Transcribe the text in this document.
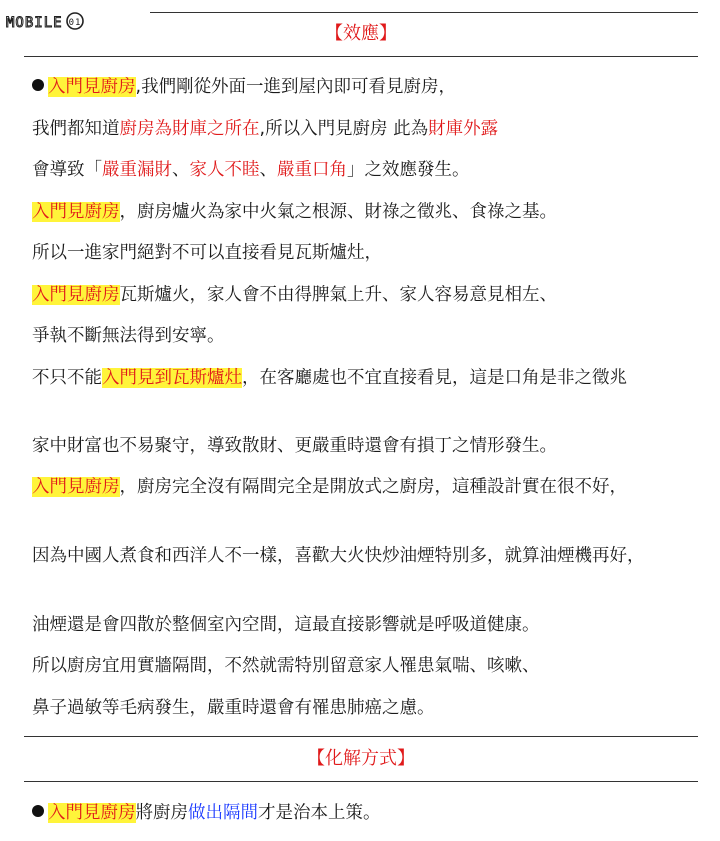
MOBILE 01	【效應】

入門見廚房,我們剛從外面一進到屋內即可看見廚房，

我們都知道廚房為財庫之所在,所以入門見廚房 此為財庫外露

會導致「嚴重漏財、家人不睦、嚴重口角」之效應發生。

入門見廚房，廚房爐火為家中火氣之根源、財祿之徵兆、食祿之基。

所以一進家門絕對不可以直接看見瓦斯爐灶，

入門見廚房瓦斯爐火，家人會不由得脾氣上升、家人容易意見相左、

爭執不斷無法得到安寧。

不只不能入門見到瓦斯爐灶，在客廳處也不宜直接看見，這是口角是非之徵兆

家中財富也不易聚守，導致散財、更嚴重時還會有損丁之情形發生。

入門見廚房，廚房完全沒有隔間完全是開放式之廚房，這種設計實在很不好，

因為中國人煮食和西洋人不一樣，喜歡大火快炒油煙特別多，就算油煙機再好，

油煙還是會四散於整個室內空間，這最直接影響就是呼吸道健康。

所以廚房宜用實牆隔間，不然就需特別留意家人罹患氣喘、咳嗽、

鼻子過敏等毛病發生，嚴重時還會有罹患肺癌之慮。

【化解方式】

入門見廚房將廚房做出隔間才是治本上策。
